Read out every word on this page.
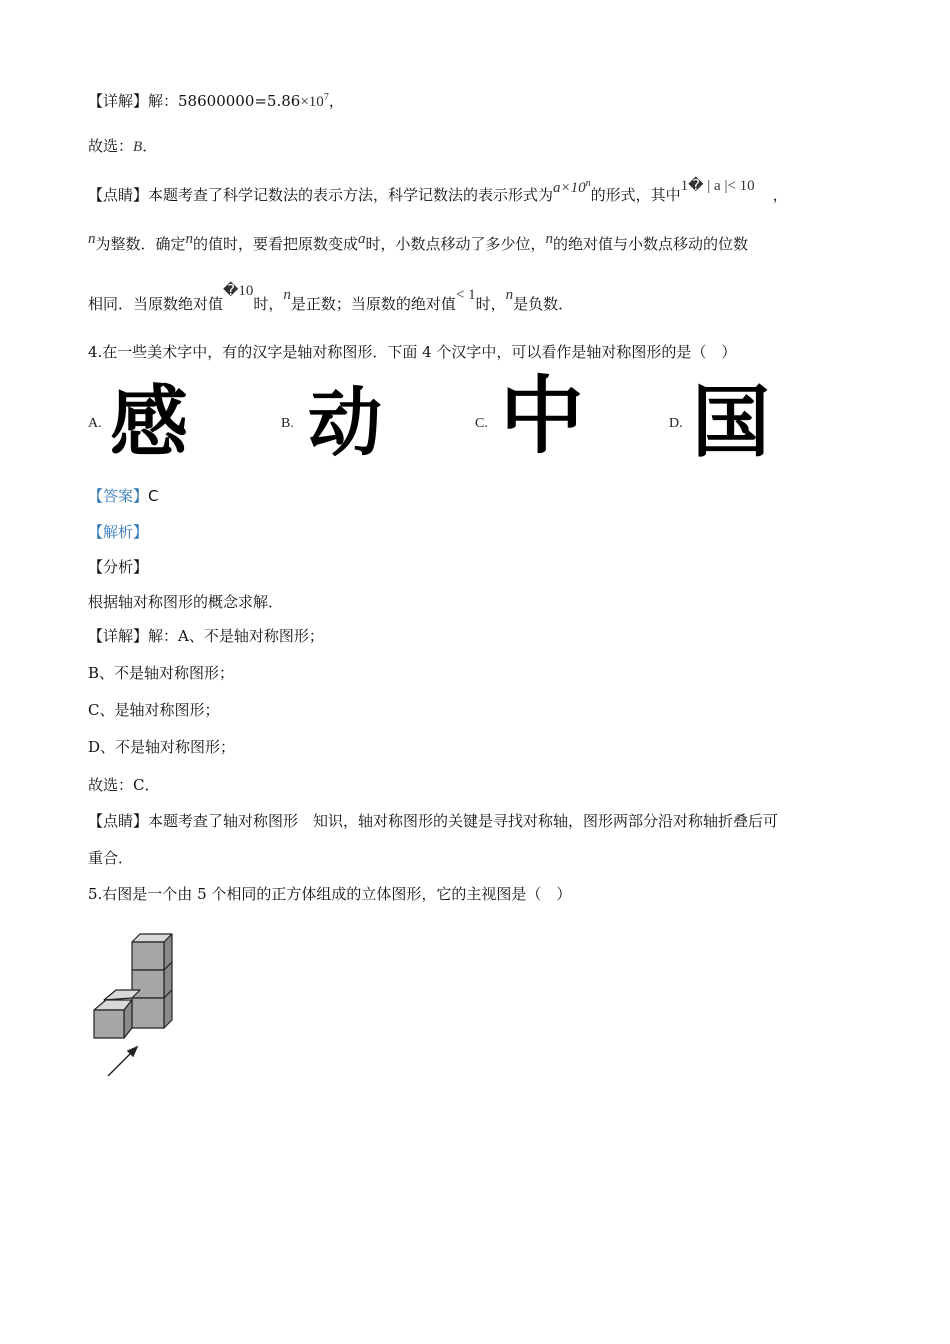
【详解】解：$58600000=5.86\times 10^7$，
故选：B．
【点睛】本题考查了科学记数法的表示方法，科学记数法的表示形式为$a\times 10^n$的形式，其中1� | a |< 10 ，
n为整数．确定n的值时，要看把原数变成a时，小数点移动了多少位，n的绝对值与小数点移动的位数
相同．当原数绝对值�10时，n是正数；当原数的绝对值< 1时，n是负数．
4.在一些美术字中，有的汉字是轴对称图形．下面 4 个汉字中，可以看作是轴对称图形的是（　）
A. 感	B. 动	C. 中	D. 国
【答案】C
【解析】
【分析】
根据轴对称图形的概念求解．
【详解】解：A、不是轴对称图形；
B、不是轴对称图形；
C、是轴对称图形；
D、不是轴对称图形；
故选：C．
【点睛】本题考查了轴对称图形　知识，轴对称图形的关键是寻找对称轴，图形两部分沿对称轴折叠后可
重合．
5.右图是一个由 5 个相同的正方体组成的立体图形，它的主视图是（　）
